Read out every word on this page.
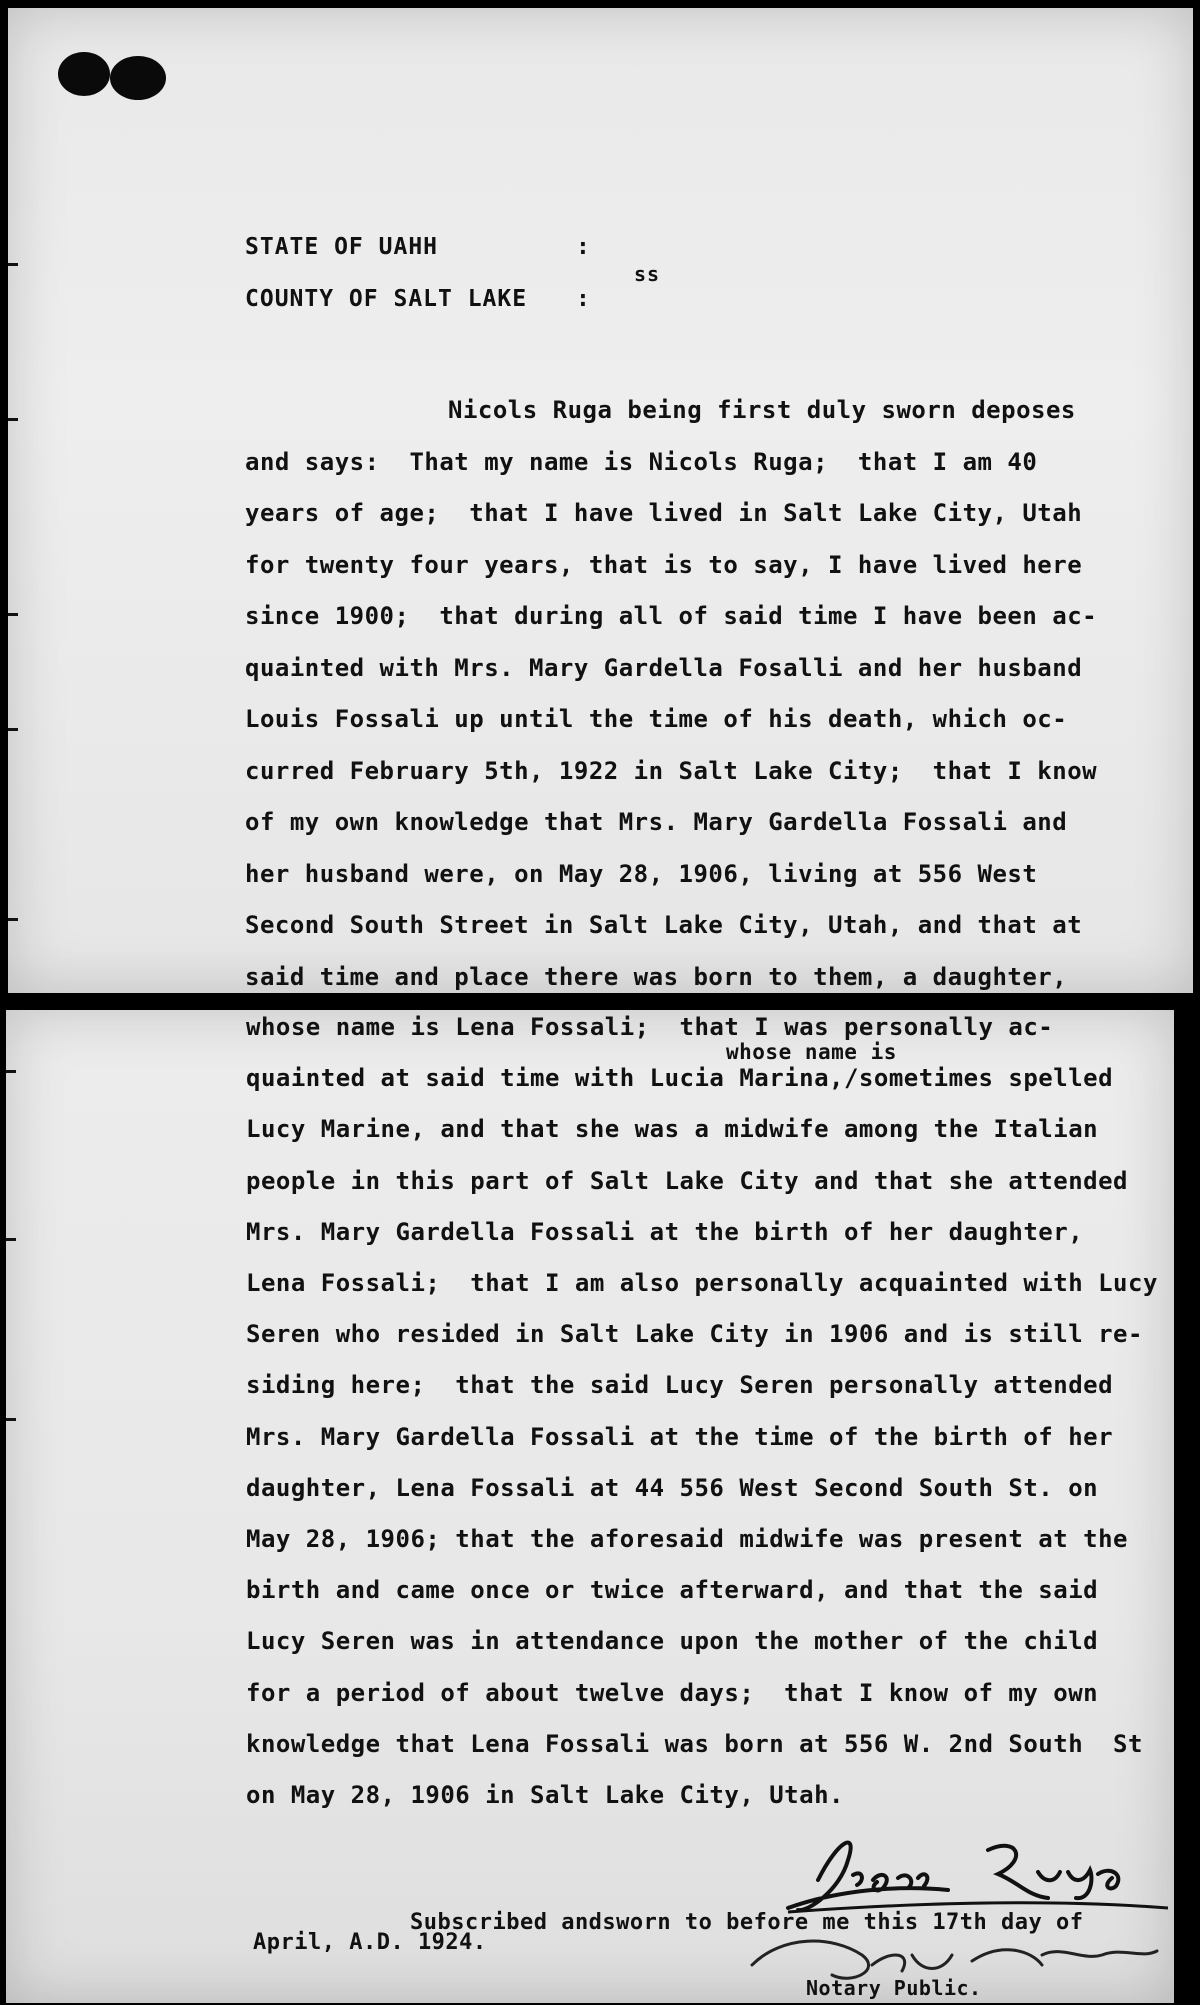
STATE OF UAHH	:
ss
COUNTY OF SALT LAKE :
Nicols Ruga being first duly sworn deposes
and says:  That my name is Nicols Ruga;  that I am 40
years of age;  that I have lived in Salt Lake City, Utah
for twenty four years, that is to say, I have lived here
since 1900;  that during all of said time I have been ac-
quainted with Mrs. Mary Gardella Fosalli and her husband
Louis Fossali up until the time of his death, which oc-
curred February 5th, 1922 in Salt Lake City;  that I know
of my own knowledge that Mrs. Mary Gardella Fossali and
her husband were, on May 28, 1906, living at 556 West
Second South Street in Salt Lake City, Utah, and that at
said time and place there was born to them, a daughter,
whose name is
whose name is Lena Fossali;  that I was personally ac-
quainted at said time with Lucia Marina,/sometimes spelled
Lucy Marine, and that she was a midwife among the Italian
people in this part of Salt Lake City and that she attended
Mrs. Mary Gardella Fossali at the birth of her daughter,
Lena Fossali;  that I am also personally acquainted with Lucy
Seren who resided in Salt Lake City in 1906 and is still re-
siding here;  that the said Lucy Seren personally attended
Mrs. Mary Gardella Fossali at the time of the birth of her
daughter, Lena Fossali at 44 556 West Second South St. on
May 28, 1906; that the aforesaid midwife was present at the
birth and came once or twice afterward, and that the said
Lucy Seren was in attendance upon the mother of the child
for a period of about twelve days;  that I know of my own
knowledge that Lena Fossali was born at 556 W. 2nd South  St
on May 28, 1906 in Salt Lake City, Utah.
Subscribed andsworn to before me this 17th day of
April, A.D. 1924.
Notary Public.
